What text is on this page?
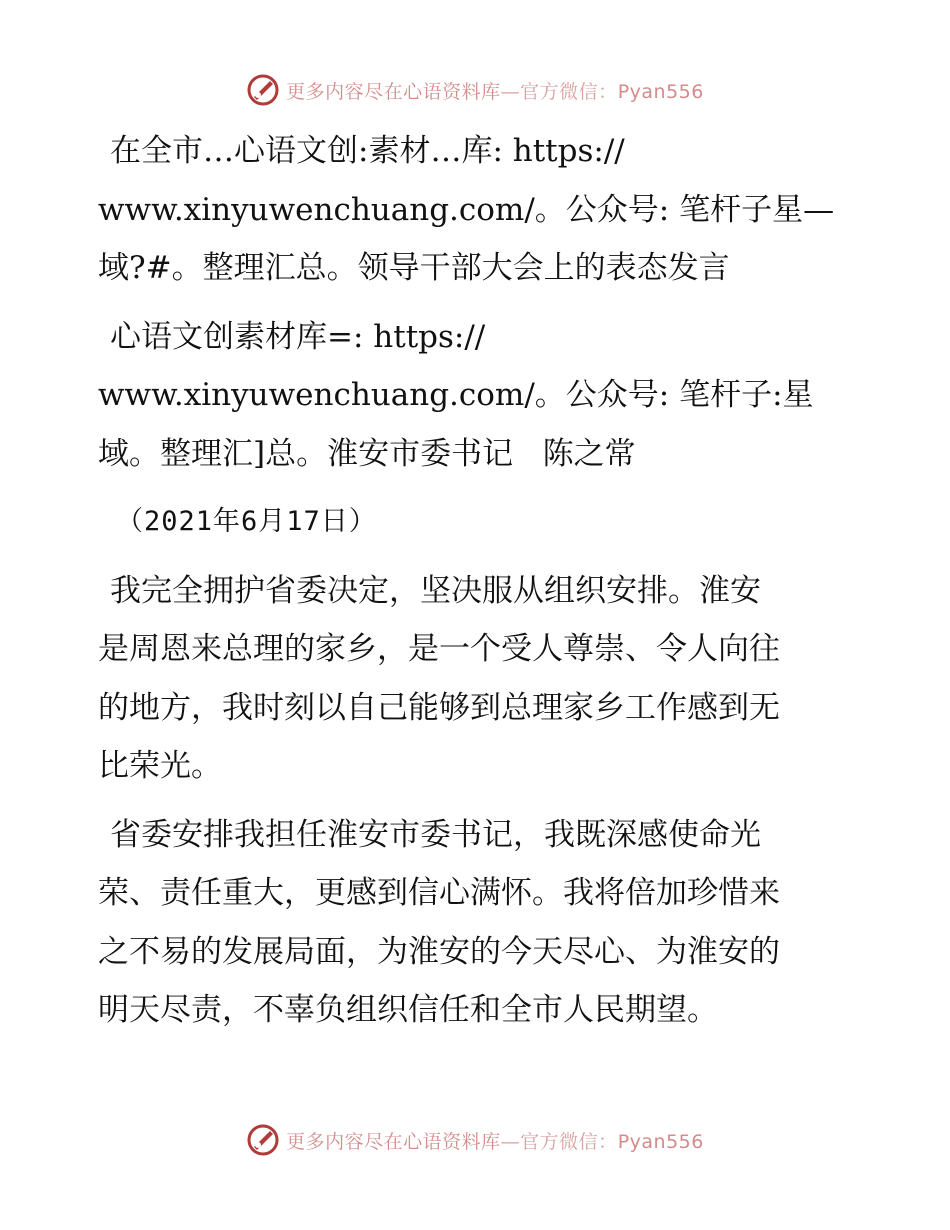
更多内容尽在心语资料库—官方微信：Pyan556

在全市…心语文创:素材…库: https://
www.xinyuwenchuang.com/。公众号: 笔杆子星—
域?#。整理汇总。领导干部大会上的表态发言

心语文创素材库=: https://
www.xinyuwenchuang.com/。公众号: 笔杆子:星
域。整理汇]总。淮安市委书记   陈之常

（2021年6月17日）

我完全拥护省委决定，坚决服从组织安排。淮安
是周恩来总理的家乡，是一个受人尊崇、令人向往
的地方，我时刻以自己能够到总理家乡工作感到无
比荣光。

省委安排我担任淮安市委书记，我既深感使命光
荣、责任重大，更感到信心满怀。我将倍加珍惜来
之不易的发展局面，为淮安的今天尽心、为淮安的
明天尽责，不辜负组织信任和全市人民期望。

更多内容尽在心语资料库—官方微信：Pyan556
